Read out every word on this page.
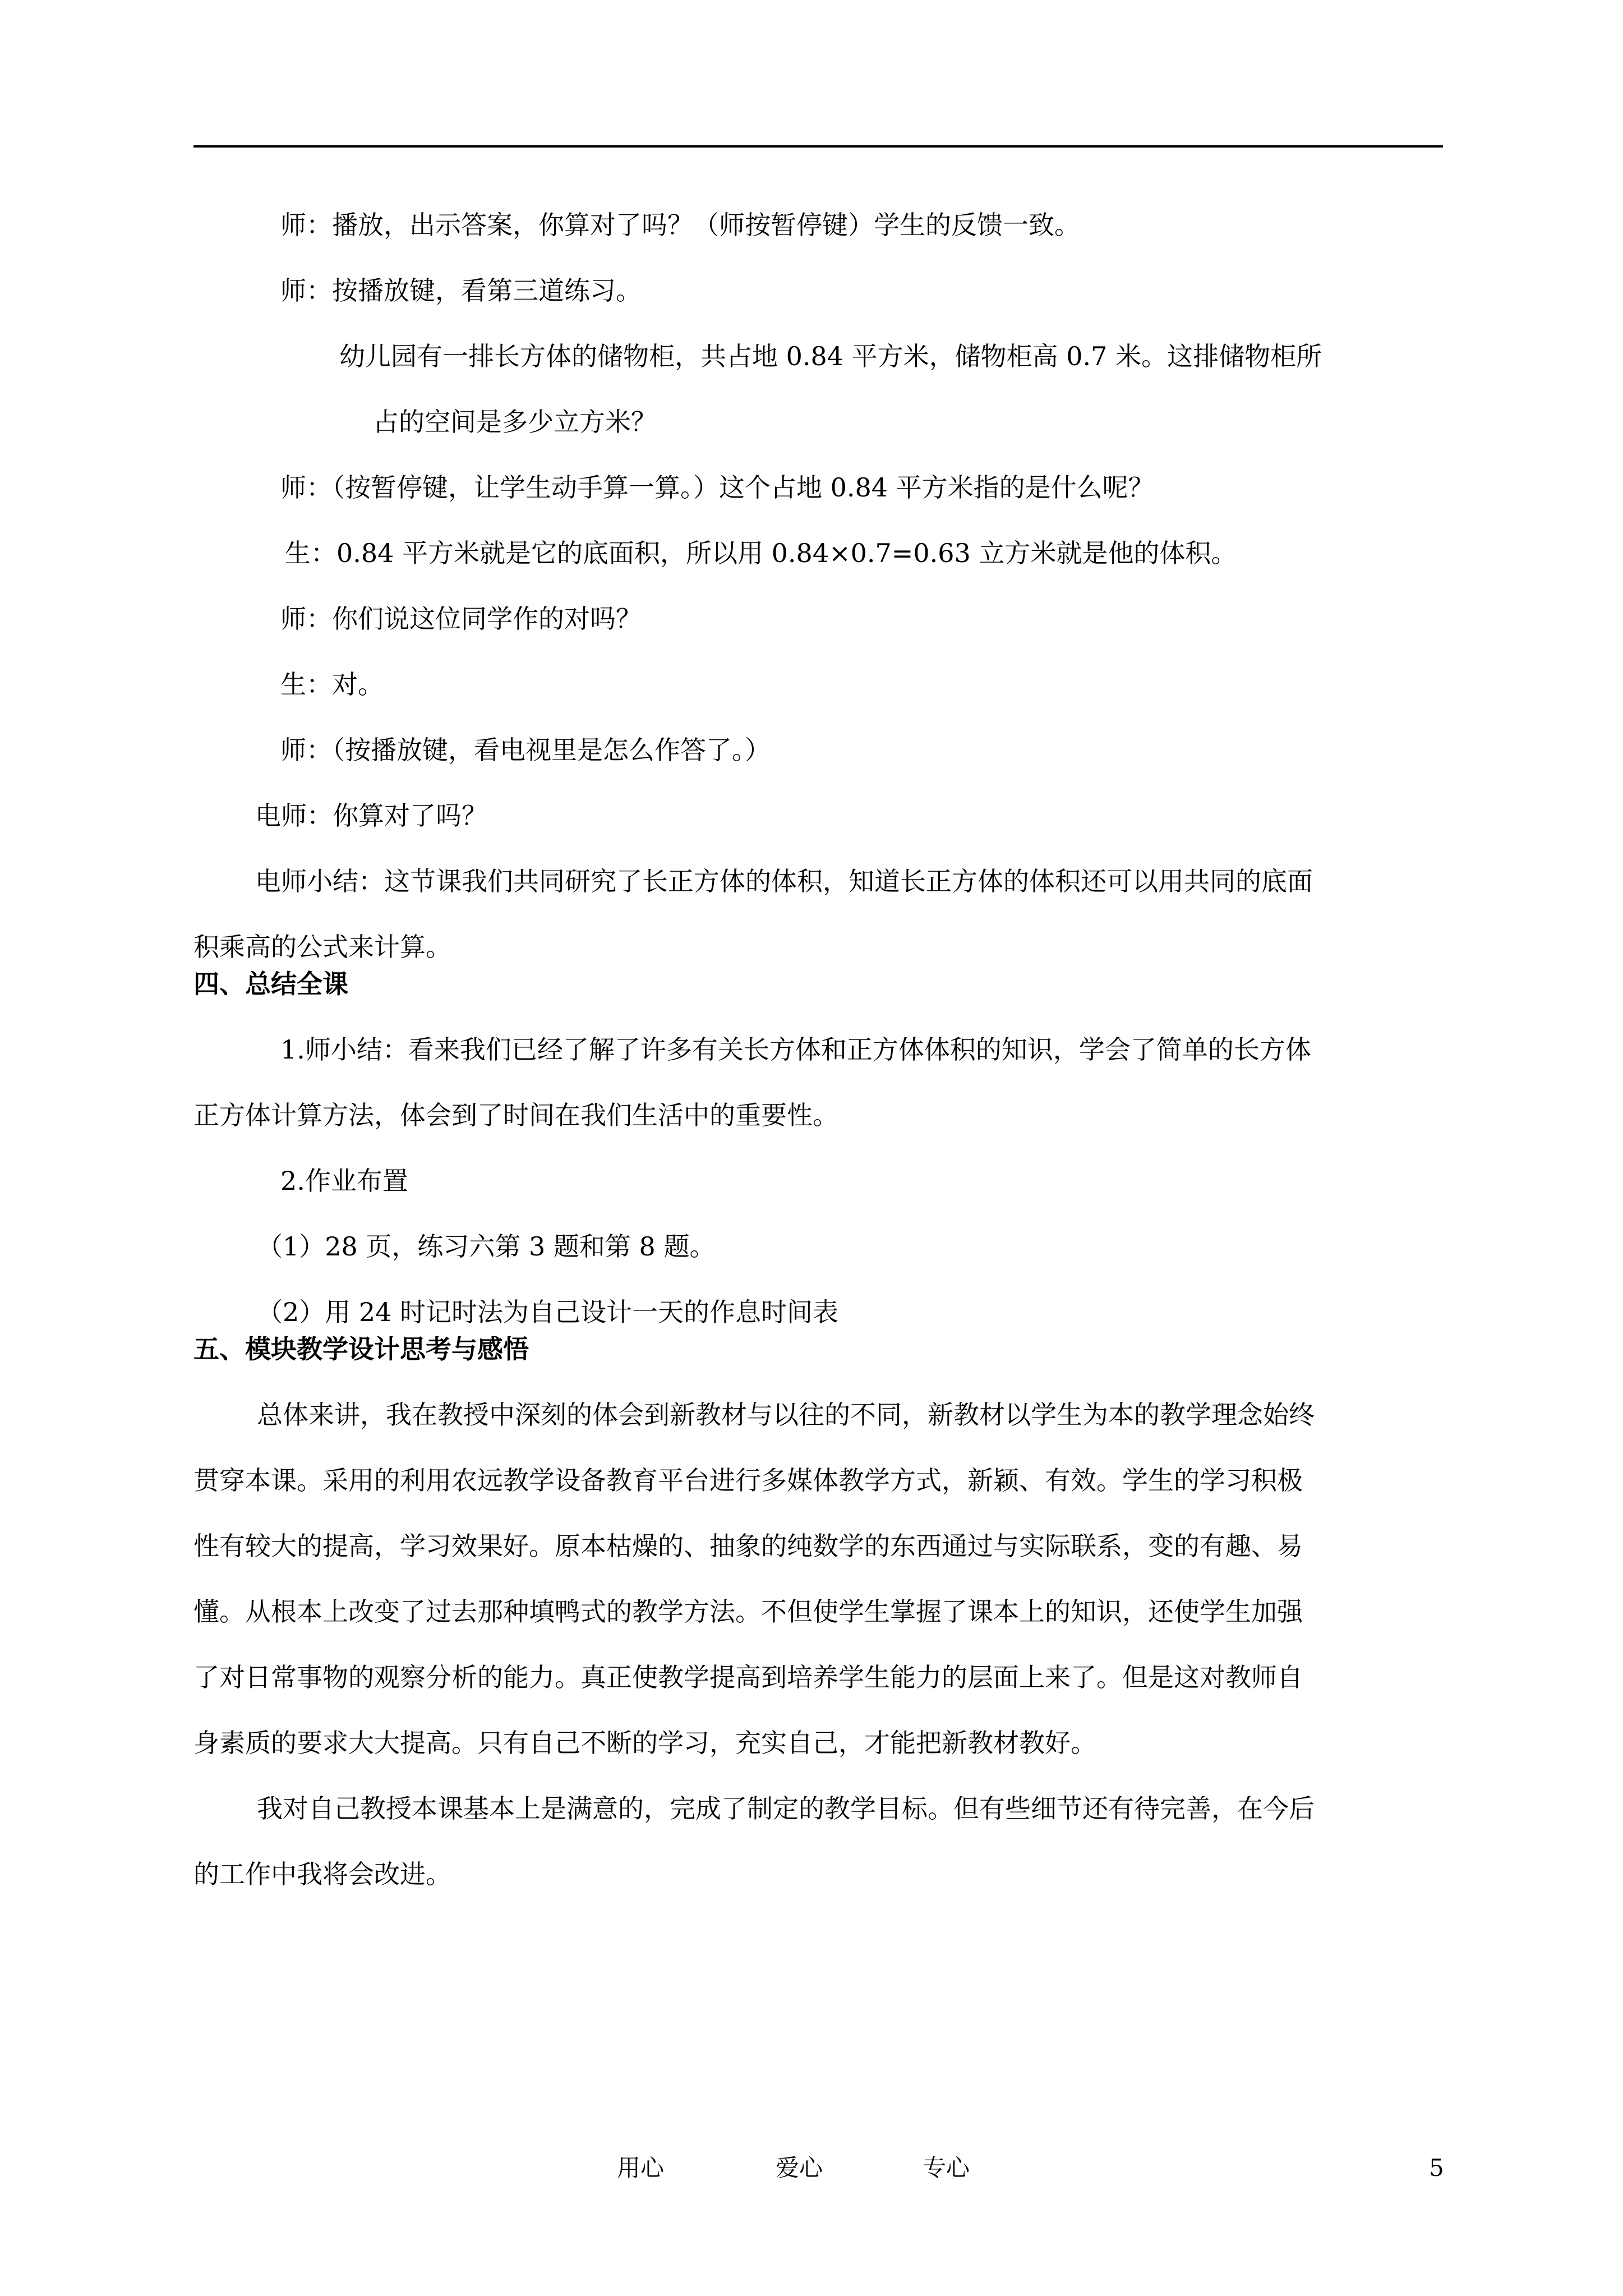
师：播放，出示答案，你算对了吗？（师按暂停键）学生的反馈一致。

师：按播放键，看第三道练习。

幼儿园有一排长方体的储物柜，共占地 0.84 平方米，储物柜高 0.7 米。这排储物柜所

占的空间是多少立方米？

师：（按暂停键，让学生动手算一算。）这个占地 0.84 平方米指的是什么呢？

生：0.84 平方米就是它的底面积，所以用 0.84×0.7=0.63 立方米就是他的体积。

师：你们说这位同学作的对吗？

生：对。

师：（按播放键，看电视里是怎么作答了。）

电师：你算对了吗？

电师小结：这节课我们共同研究了长正方体的体积，知道长正方体的体积还可以用共同的底面

积乘高的公式来计算。

四、总结全课

1.师小结：看来我们已经了解了许多有关长方体和正方体体积的知识，学会了简单的长方体

正方体计算方法，体会到了时间在我们生活中的重要性。

2.作业布置

（1）28 页，练习六第 3 题和第 8 题。

（2）用 24 时记时法为自己设计一天的作息时间表

五、模块教学设计思考与感悟

总体来讲，我在教授中深刻的体会到新教材与以往的不同，新教材以学生为本的教学理念始终

贯穿本课。采用的利用农远教学设备教育平台进行多媒体教学方式，新颖、有效。学生的学习积极

性有较大的提高，学习效果好。原本枯燥的、抽象的纯数学的东西通过与实际联系，变的有趣、易

懂。从根本上改变了过去那种填鸭式的教学方法。不但使学生掌握了课本上的知识，还使学生加强

了对日常事物的观察分析的能力。真正使教学提高到培养学生能力的层面上来了。但是这对教师自

身素质的要求大大提高。只有自己不断的学习，充实自己，才能把新教材教好。

我对自己教授本课基本上是满意的，完成了制定的教学目标。但有些细节还有待完善，在今后

的工作中我将会改进。

用心	爱心	专心	5
